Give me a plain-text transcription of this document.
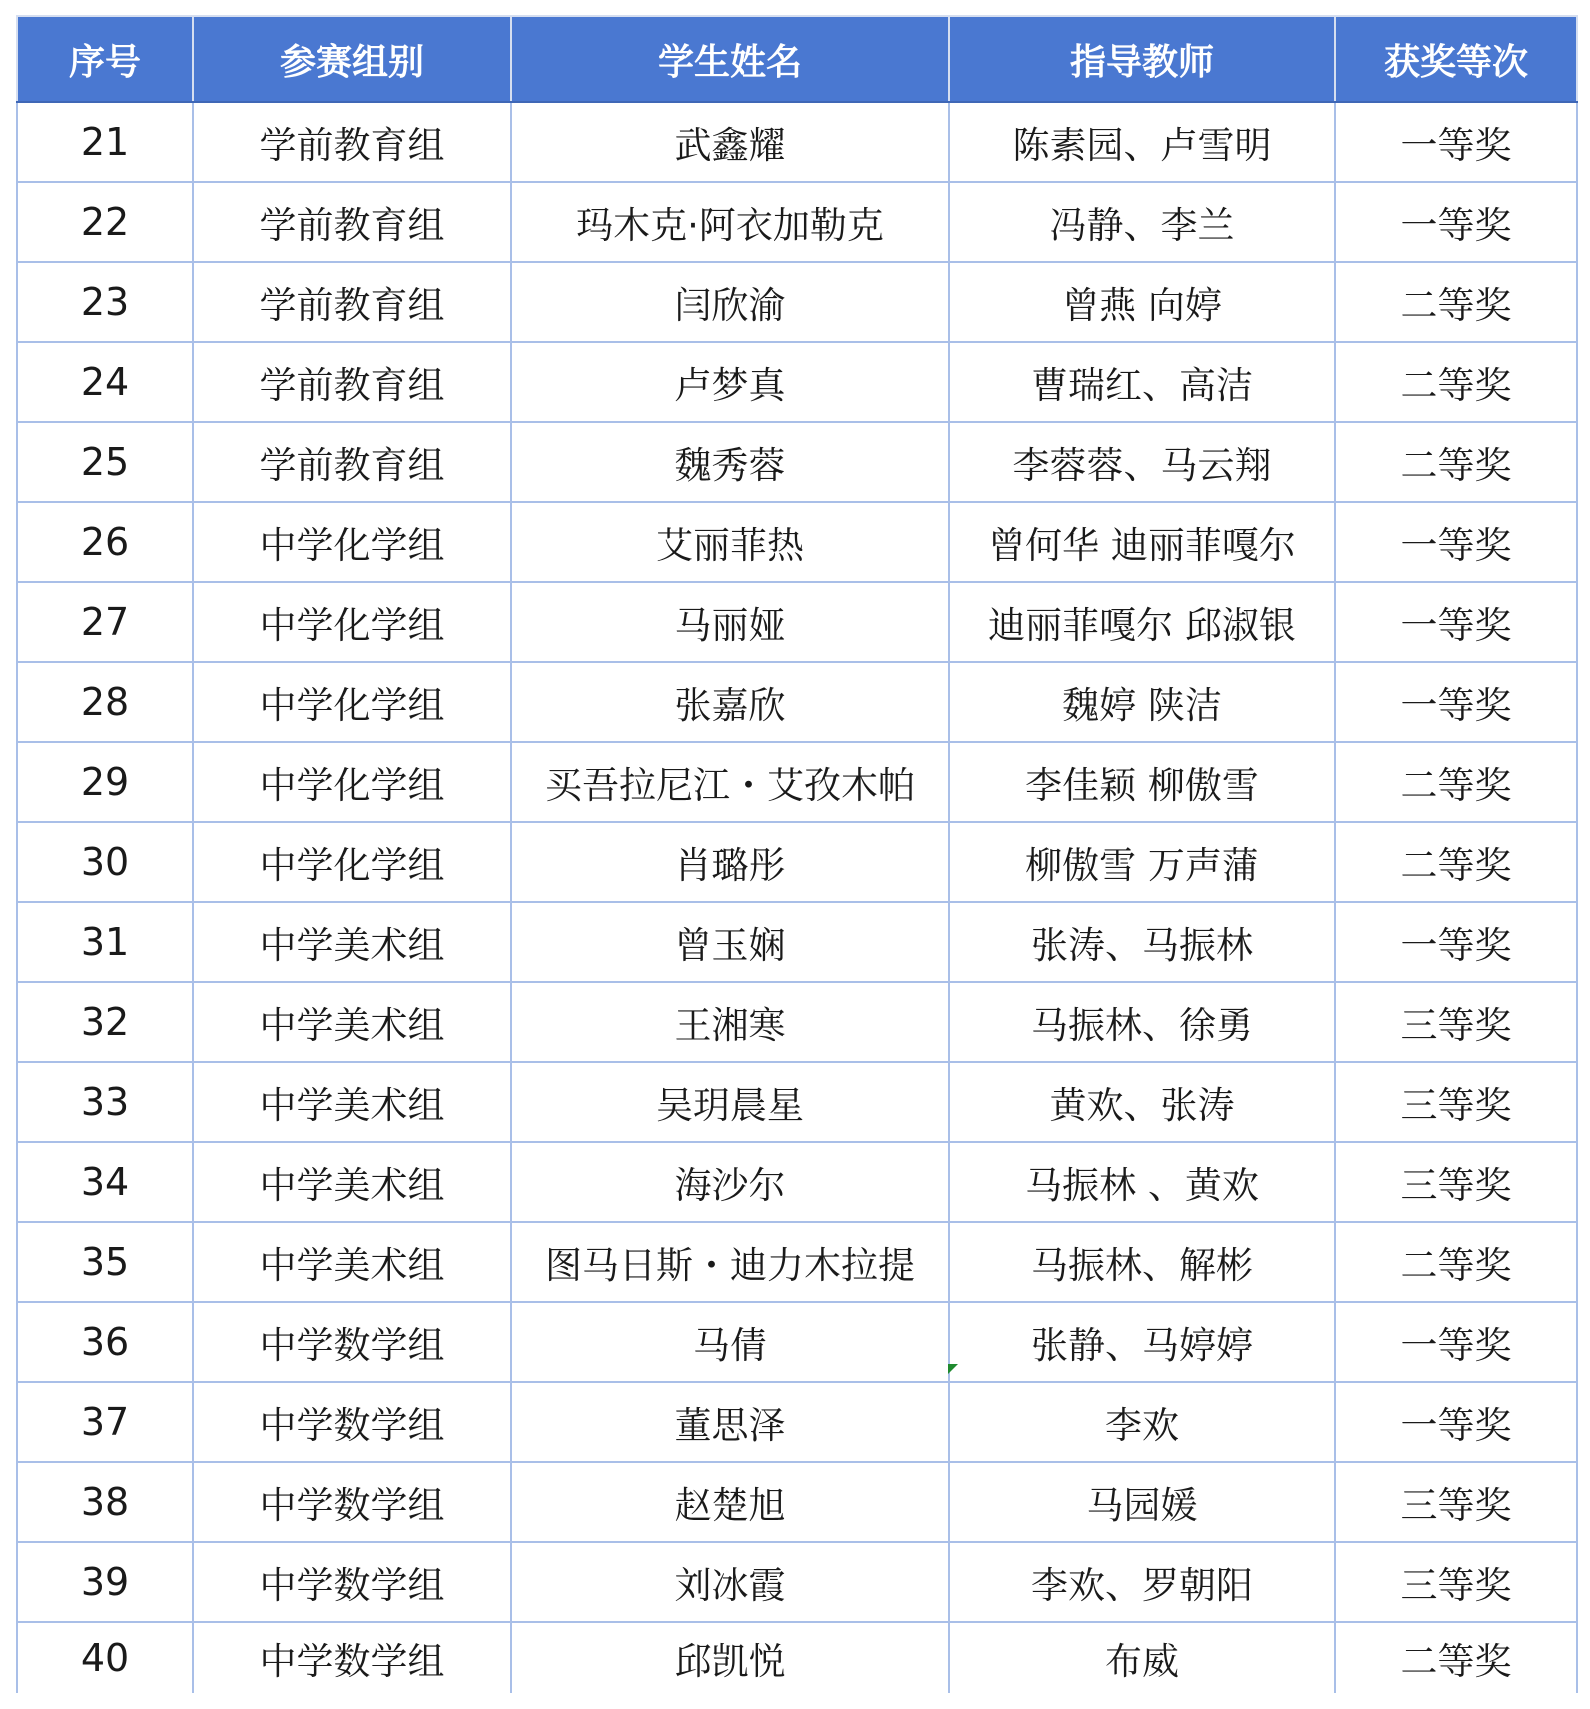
序号	参赛组别	学生姓名	指导教师	获奖等次
21	学前教育组	武鑫耀	陈素园、卢雪明	一等奖
22	学前教育组	玛木克·阿衣加勒克	冯静、李兰	一等奖
23	学前教育组	闫欣渝	曾燕 向婷	二等奖
24	学前教育组	卢梦真	曹瑞红、高洁	二等奖
25	学前教育组	魏秀蓉	李蓉蓉、马云翔	二等奖
26	中学化学组	艾丽菲热	曾何华 迪丽菲嘎尔	一等奖
27	中学化学组	马丽娅	迪丽菲嘎尔 邱淑银	一等奖
28	中学化学组	张嘉欣	魏婷 陕洁	一等奖
29	中学化学组	买吾拉尼江・艾孜木帕	李佳颖 柳傲雪	二等奖
30	中学化学组	肖璐彤	柳傲雪 万声蒲	二等奖
31	中学美术组	曾玉娴	张涛、马振林	一等奖
32	中学美术组	王湘寒	马振林、徐勇	三等奖
33	中学美术组	吴玥晨星	黄欢、张涛	三等奖
34	中学美术组	海沙尔	马振林 、黄欢	三等奖
35	中学美术组	图马日斯・迪力木拉提	马振林、解彬	二等奖
36	中学数学组	马倩	张静、马婷婷	一等奖
37	中学数学组	董思泽	李欢	一等奖
38	中学数学组	赵楚旭	马园媛	三等奖
39	中学数学组	刘冰霞	李欢、罗朝阳	三等奖
40	中学数学组	邱凯悦	布威	二等奖
